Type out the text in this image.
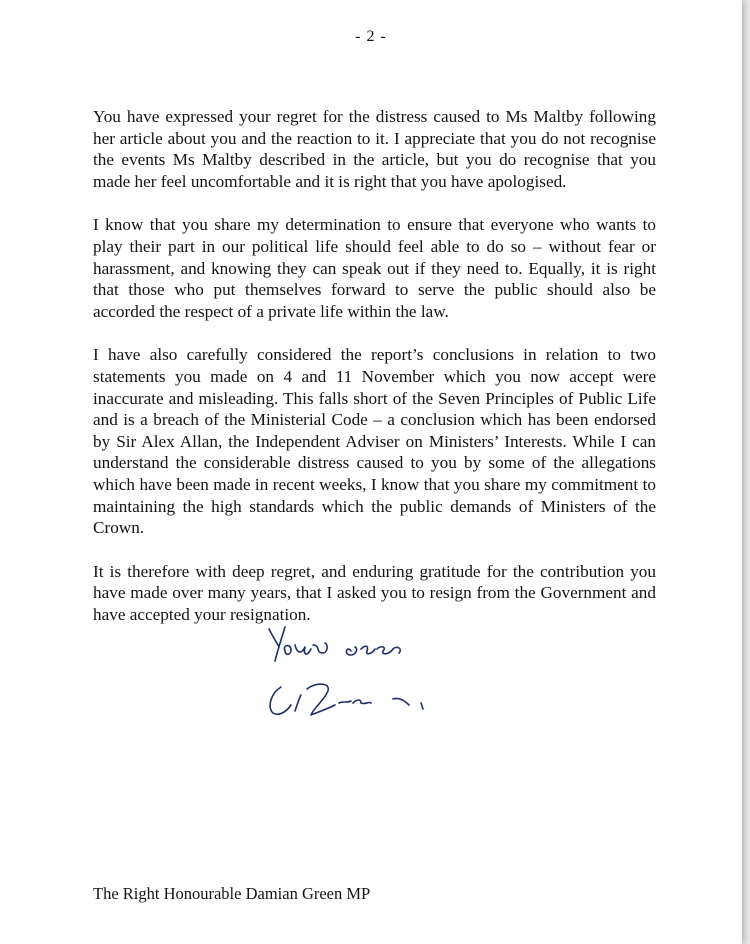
- 2 -

You have expressed your regret for the distress caused to Ms Maltby following her article about you and the reaction to it. I appreciate that you do not recognise the events Ms Maltby described in the article, but you do recognise that you made her feel uncomfortable and it is right that you have apologised.

I know that you share my determination to ensure that everyone who wants to play their part in our political life should feel able to do so – without fear or harassment, and knowing they can speak out if they need to. Equally, it is right that those who put themselves forward to serve the public should also be accorded the respect of a private life within the law.

I have also carefully considered the report’s conclusions in relation to two statements you made on 4 and 11 November which you now accept were inaccurate and misleading. This falls short of the Seven Principles of Public Life and is a breach of the Ministerial Code – a conclusion which has been endorsed by Sir Alex Allan, the Independent Adviser on Ministers’ Interests. While I can understand the considerable distress caused to you by some of the allegations which have been made in recent weeks, I know that you share my commitment to maintaining the high standards which the public demands of Ministers of the Crown.

It is therefore with deep regret, and enduring gratitude for the contribution you have made over many years, that I asked you to resign from the Government and have accepted your resignation.

The Right Honourable Damian Green MP
